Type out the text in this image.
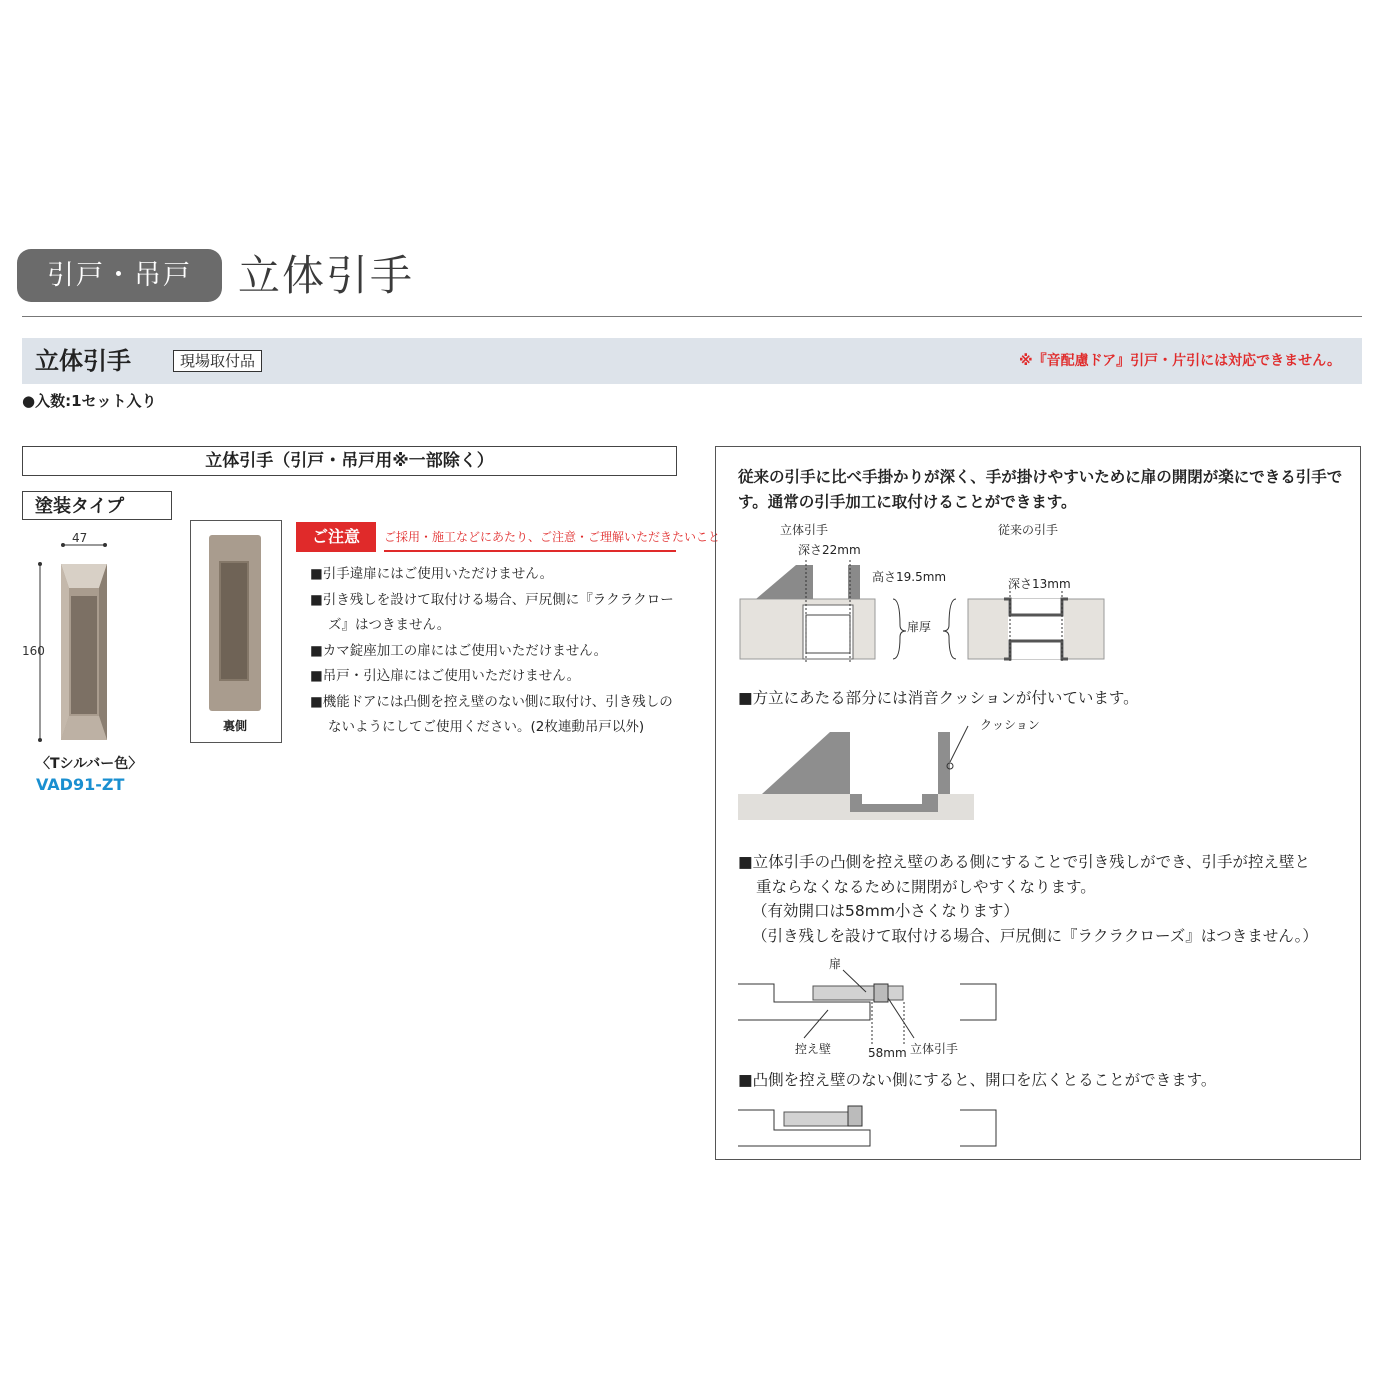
引戸・吊戸	立体引手
立体引手	現場取付品	※『音配慮ドア』引戸・片引には対応できません。
●入数:1セット入り
立体引手（引戸・吊戸用※一部除く）
塗装タイプ
47
160
〈Tシルバー色〉
VAD91-ZT
裏側
ご注意	ご採用・施工などにあたり、ご注意・ご理解いただきたいこと
■引手違扉にはご使用いただけません。
■引き残しを設けて取付ける場合、戸尻側に『ラクラクローズ』はつきません。
■カマ錠座加工の扉にはご使用いただけません。
■吊戸・引込扉にはご使用いただけません。
■機能ドアには凸側を控え壁のない側に取付け、引き残しのないようにしてご使用ください。(2枚連動吊戸以外)
従来の引手に比べ手掛かりが深く、手が掛けやすいために扉の開閉が楽にできる引手です。通常の引手加工に取付けることができます。
立体引手
深さ22mm
高さ19.5mm
従来の引手
深さ13mm
扉厚
■方立にあたる部分には消音クッションが付いています。
クッション
■立体引手の凸側を控え壁のある側にすることで引き残しができ、引手が控え壁と
重ならなくなるために開閉がしやすくなります。
（有効開口は58mm小さくなります）
（引き残しを設けて取付ける場合、戸尻側に『ラクラクローズ』はつきません。）
扉
控え壁	58mm 立体引手
■凸側を控え壁のない側にすると、開口を広くとることができます。
